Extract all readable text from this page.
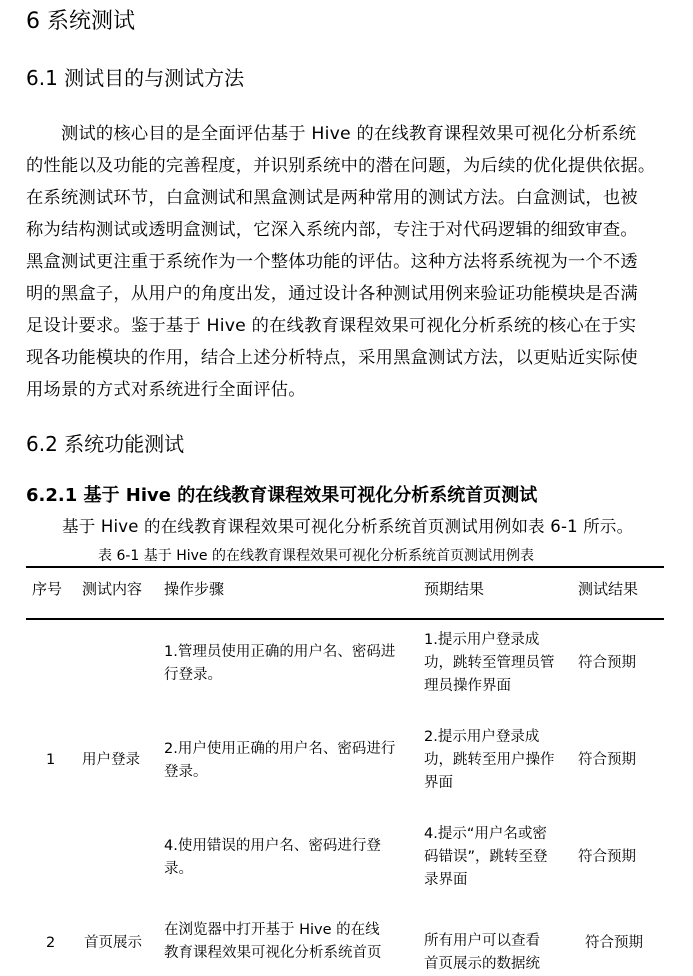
6 系统测试
6.1 测试目的与测试方法
　　测试的核心目的是全面评估基于 Hive 的在线教育课程效果可视化分析系统
的性能以及功能的完善程度，并识别系统中的潜在问题，为后续的优化提供依据。
在系统测试环节，白盒测试和黑盒测试是两种常用的测试方法。白盒测试，也被
称为结构测试或透明盒测试，它深入系统内部，专注于对代码逻辑的细致审查。
黑盒测试更注重于系统作为一个整体功能的评估。这种方法将系统视为一个不透
明的黑盒子，从用户的角度出发，通过设计各种测试用例来验证功能模块是否满
足设计要求。鉴于基于 Hive 的在线教育课程效果可视化分析系统的核心在于实
现各功能模块的作用，结合上述分析特点，采用黑盒测试方法，以更贴近实际使
用场景的方式对系统进行全面评估。
6.2 系统功能测试
6.2.1 基于 Hive 的在线教育课程效果可视化分析系统首页测试
基于 Hive 的在线教育课程效果可视化分析系统首页测试用例如表 6-1 所示。
表 6-1 基于 Hive 的在线教育课程效果可视化分析系统首页测试用例表
序号 测试内容 操作步骤	预期结果	测试结果
1 用户登录
1.管理员使用正确的用户名、密码进
行登录。
1.提示用户登录成
功，跳转至管理员管
理员操作界面
符合预期
2.用户使用正确的用户名、密码进行
登录。
2.提示用户登录成
功，跳转至用户操作
界面
符合预期
4.使用错误的用户名、密码进行登
录。
4.提示“用户名或密
码错误”，跳转至登
录界面
符合预期
2 首页展示
在浏览器中打开基于 Hive 的在线
教育课程效果可视化分析系统首页
所有用户可以查看
首页展示的数据统
符合预期
